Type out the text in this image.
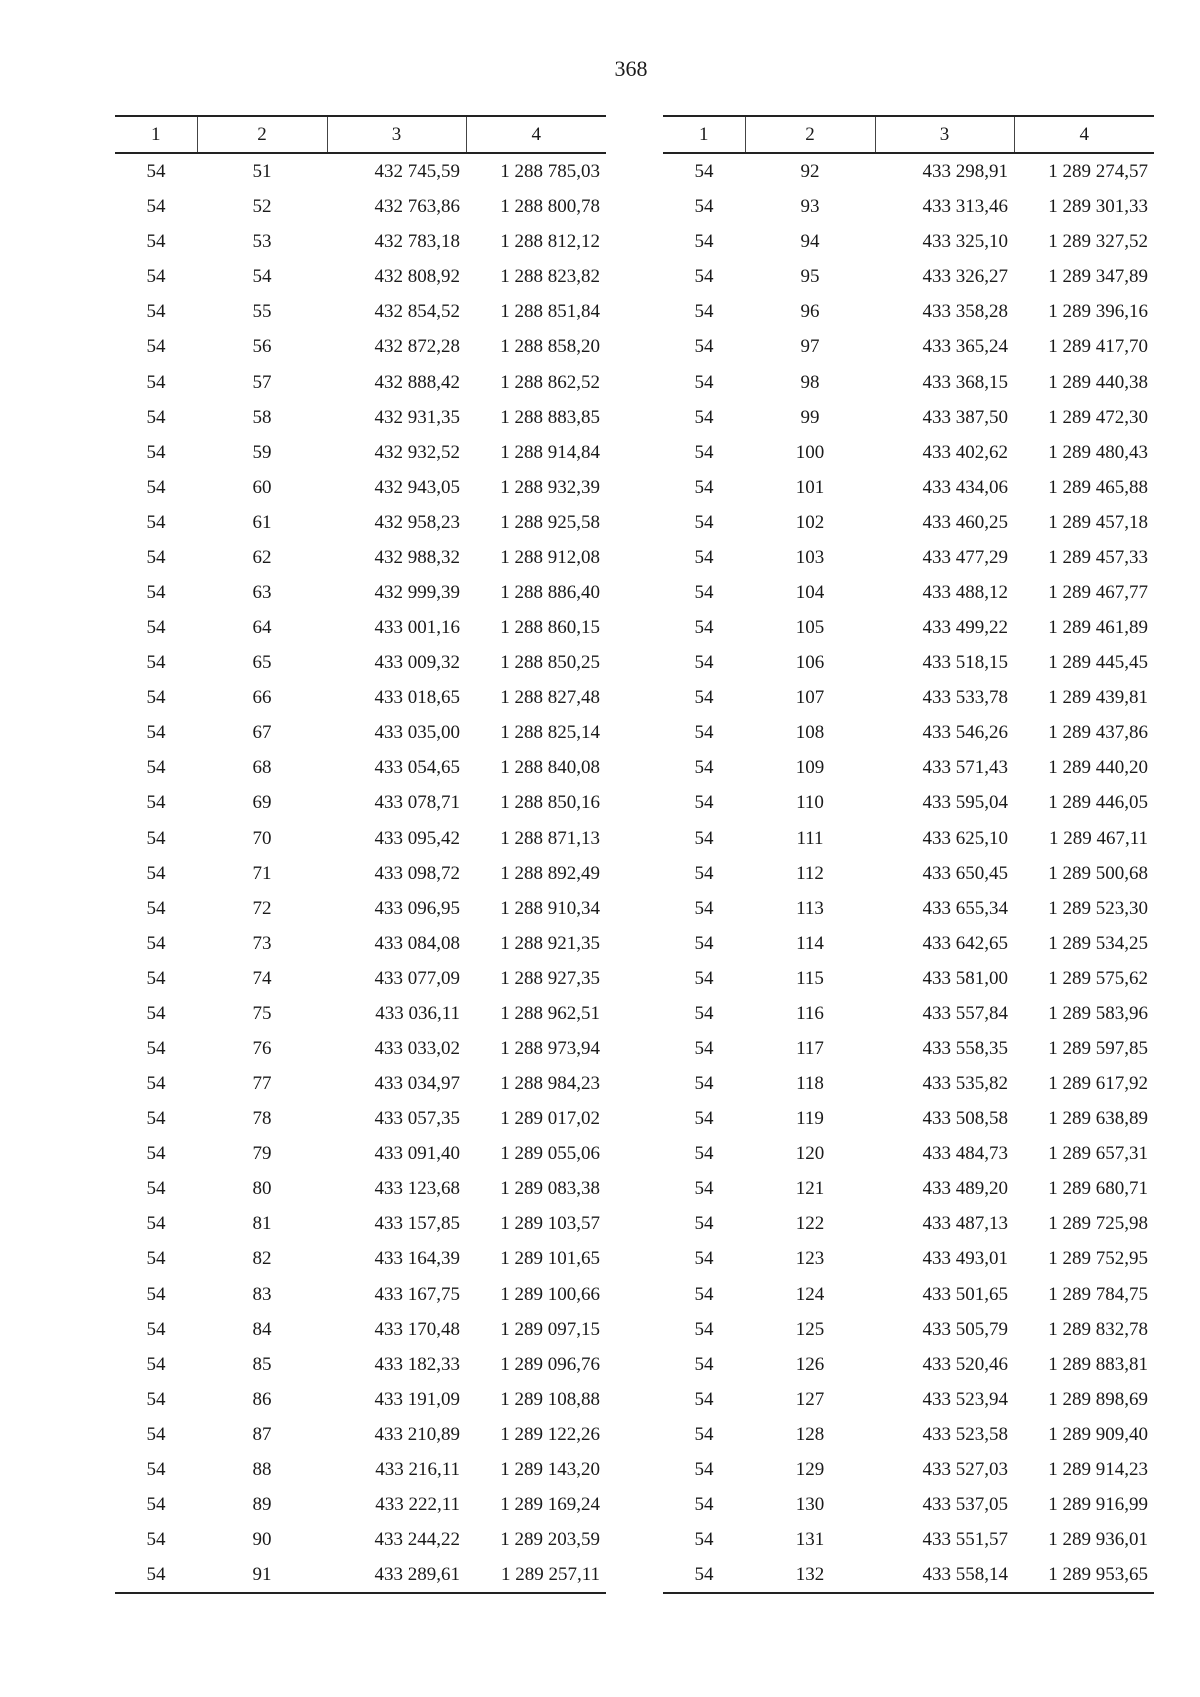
368
1	2	3	4
54	51	432 745,59	1 288 785,03
54	52	432 763,86	1 288 800,78
54	53	432 783,18	1 288 812,12
54	54	432 808,92	1 288 823,82
54	55	432 854,52	1 288 851,84
54	56	432 872,28	1 288 858,20
54	57	432 888,42	1 288 862,52
54	58	432 931,35	1 288 883,85
54	59	432 932,52	1 288 914,84
54	60	432 943,05	1 288 932,39
54	61	432 958,23	1 288 925,58
54	62	432 988,32	1 288 912,08
54	63	432 999,39	1 288 886,40
54	64	433 001,16	1 288 860,15
54	65	433 009,32	1 288 850,25
54	66	433 018,65	1 288 827,48
54	67	433 035,00	1 288 825,14
54	68	433 054,65	1 288 840,08
54	69	433 078,71	1 288 850,16
54	70	433 095,42	1 288 871,13
54	71	433 098,72	1 288 892,49
54	72	433 096,95	1 288 910,34
54	73	433 084,08	1 288 921,35
54	74	433 077,09	1 288 927,35
54	75	433 036,11	1 288 962,51
54	76	433 033,02	1 288 973,94
54	77	433 034,97	1 288 984,23
54	78	433 057,35	1 289 017,02
54	79	433 091,40	1 289 055,06
54	80	433 123,68	1 289 083,38
54	81	433 157,85	1 289 103,57
54	82	433 164,39	1 289 101,65
54	83	433 167,75	1 289 100,66
54	84	433 170,48	1 289 097,15
54	85	433 182,33	1 289 096,76
54	86	433 191,09	1 289 108,88
54	87	433 210,89	1 289 122,26
54	88	433 216,11	1 289 143,20
54	89	433 222,11	1 289 169,24
54	90	433 244,22	1 289 203,59
54	91	433 289,61	1 289 257,11
1	2	3	4
54	92	433 298,91	1 289 274,57
54	93	433 313,46	1 289 301,33
54	94	433 325,10	1 289 327,52
54	95	433 326,27	1 289 347,89
54	96	433 358,28	1 289 396,16
54	97	433 365,24	1 289 417,70
54	98	433 368,15	1 289 440,38
54	99	433 387,50	1 289 472,30
54	100	433 402,62	1 289 480,43
54	101	433 434,06	1 289 465,88
54	102	433 460,25	1 289 457,18
54	103	433 477,29	1 289 457,33
54	104	433 488,12	1 289 467,77
54	105	433 499,22	1 289 461,89
54	106	433 518,15	1 289 445,45
54	107	433 533,78	1 289 439,81
54	108	433 546,26	1 289 437,86
54	109	433 571,43	1 289 440,20
54	110	433 595,04	1 289 446,05
54	111	433 625,10	1 289 467,11
54	112	433 650,45	1 289 500,68
54	113	433 655,34	1 289 523,30
54	114	433 642,65	1 289 534,25
54	115	433 581,00	1 289 575,62
54	116	433 557,84	1 289 583,96
54	117	433 558,35	1 289 597,85
54	118	433 535,82	1 289 617,92
54	119	433 508,58	1 289 638,89
54	120	433 484,73	1 289 657,31
54	121	433 489,20	1 289 680,71
54	122	433 487,13	1 289 725,98
54	123	433 493,01	1 289 752,95
54	124	433 501,65	1 289 784,75
54	125	433 505,79	1 289 832,78
54	126	433 520,46	1 289 883,81
54	127	433 523,94	1 289 898,69
54	128	433 523,58	1 289 909,40
54	129	433 527,03	1 289 914,23
54	130	433 537,05	1 289 916,99
54	131	433 551,57	1 289 936,01
54	132	433 558,14	1 289 953,65
